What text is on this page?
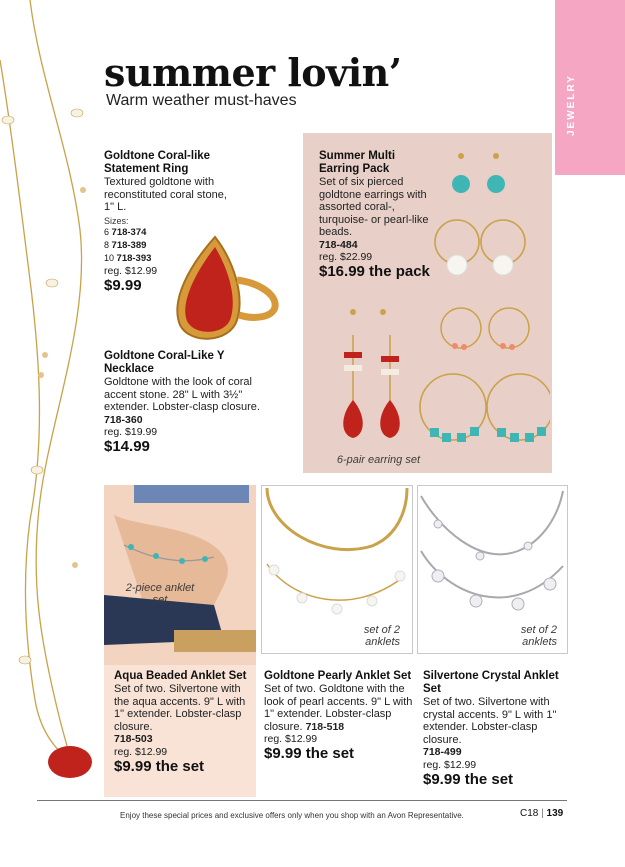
JEWELRY
summer lovin’
Warm weather must-haves
Goldtone Coral-like Statement Ring
Textured goldtone with reconstituted coral stone, 1" L.
Sizes:
6 718-374
8 718-389
10 718-393
reg. $12.99
$9.99
Goldtone Coral-Like Y Necklace
Goldtone with the look of coral accent stone. 28" L with 3½" extender. Lobster-clasp closure.
718-360
reg. $19.99
$14.99
Summer Multi Earring Pack
Set of six pierced goldtone earrings with assorted coral-, turquoise- or pearl-like beads.
718-484
reg. $22.99
$16.99 the pack
6-pair earring set
2-piece anklet set
set of 2 anklets
set of 2 anklets
Aqua Beaded Anklet Set
Set of two. Silvertone with the aqua accents. 9" L with 1" extender. Lobster-clasp closure.
718-503
reg. $12.99
$9.99 the set
Goldtone Pearly Anklet Set
Set of two. Goldtone with the look of pearl accents. 9" L with 1" extender. Lobster-clasp closure. 718-518
reg. $12.99
$9.99 the set
Silvertone Crystal Anklet Set
Set of two. Silvertone with crystal accents. 9" L with 1" extender. Lobster-clasp closure.
718-499
reg. $12.99
$9.99 the set
Enjoy these special prices and exclusive offers only when you shop with an Avon Representative.	C18 | 139
